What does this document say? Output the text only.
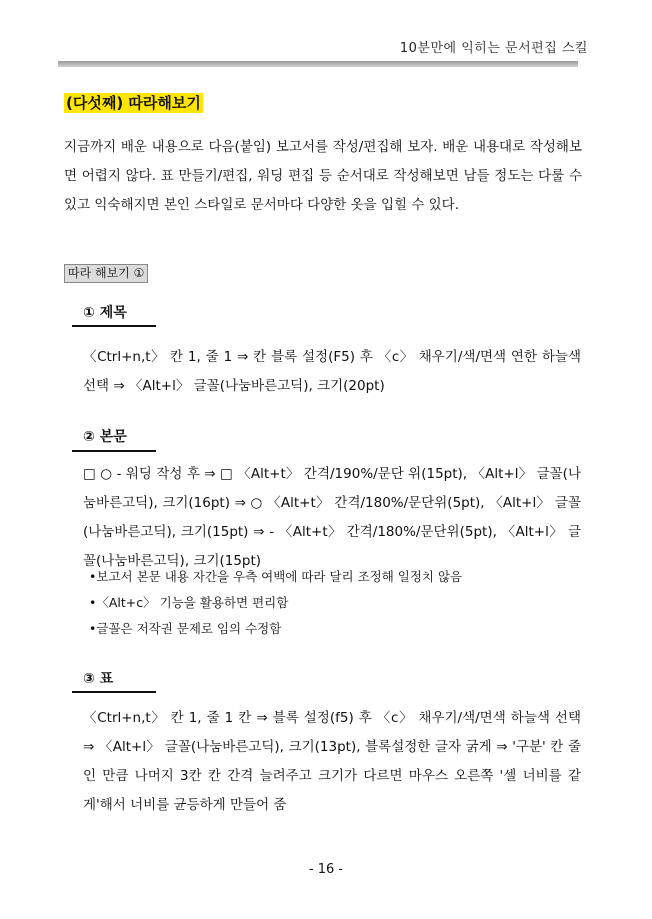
10분만에 익히는 문서편집 스킬
(다섯째) 따라해보기
지금까지 배운 내용으로 다음(붙임) 보고서를 작성/편집해 보자. 배운 내용대로 작성해보면 어렵지 않다. 표 만들기/편집, 워딩 편집 등 순서대로 작성해보면 남들 정도는 다룰 수 있고 익숙해지면 본인 스타일로 문서마다 다양한 옷을 입힐 수 있다.
따라 해보기 ①
① 제목
〈Ctrl+n,t〉 칸 1, 줄 1 ⇒ 칸 블록 설정(F5) 후 〈c〉 채우기/색/면색 연한 하늘색 선택 ⇒ 〈Alt+l〉 글꼴(나눔바른고딕), 크기(20pt)
② 본문
□ ○ - 워딩 작성 후 ⇒ □ 〈Alt+t〉 간격/190%/문단 위(15pt), 〈Alt+l〉 글꼴(나눔바른고딕), 크기(16pt) ⇒ ○ 〈Alt+t〉 간격/180%/문단위(5pt), 〈Alt+l〉 글꼴(나눔바른고딕), 크기(15pt) ⇒ - 〈Alt+t〉 간격/180%/문단위(5pt), 〈Alt+l〉 글꼴(나눔바른고딕), 크기(15pt)
•보고서 본문 내용 자간을 우측 여백에 따라 달리 조정해 일정치 않음
•〈Alt+c〉 기능을 활용하면 편리함
•글꼴은 저작권 문제로 임의 수정함
③ 표
〈Ctrl+n,t〉 칸 1, 줄 1 칸 ⇒ 블록 설정(f5) 후 〈c〉 채우기/색/면색 하늘색 선택 ⇒ 〈Alt+l〉 글꼴(나눔바른고딕), 크기(13pt), 블록설정한 글자 굵게 ⇒ '구분' 칸 줄인 만큼 나머지 3칸 칸 간격 늘려주고 크기가 다르면 마우스 오른쪽 '셀 너비를 같게'해서 너비를 균등하게 만들어 줌
- 16 -
